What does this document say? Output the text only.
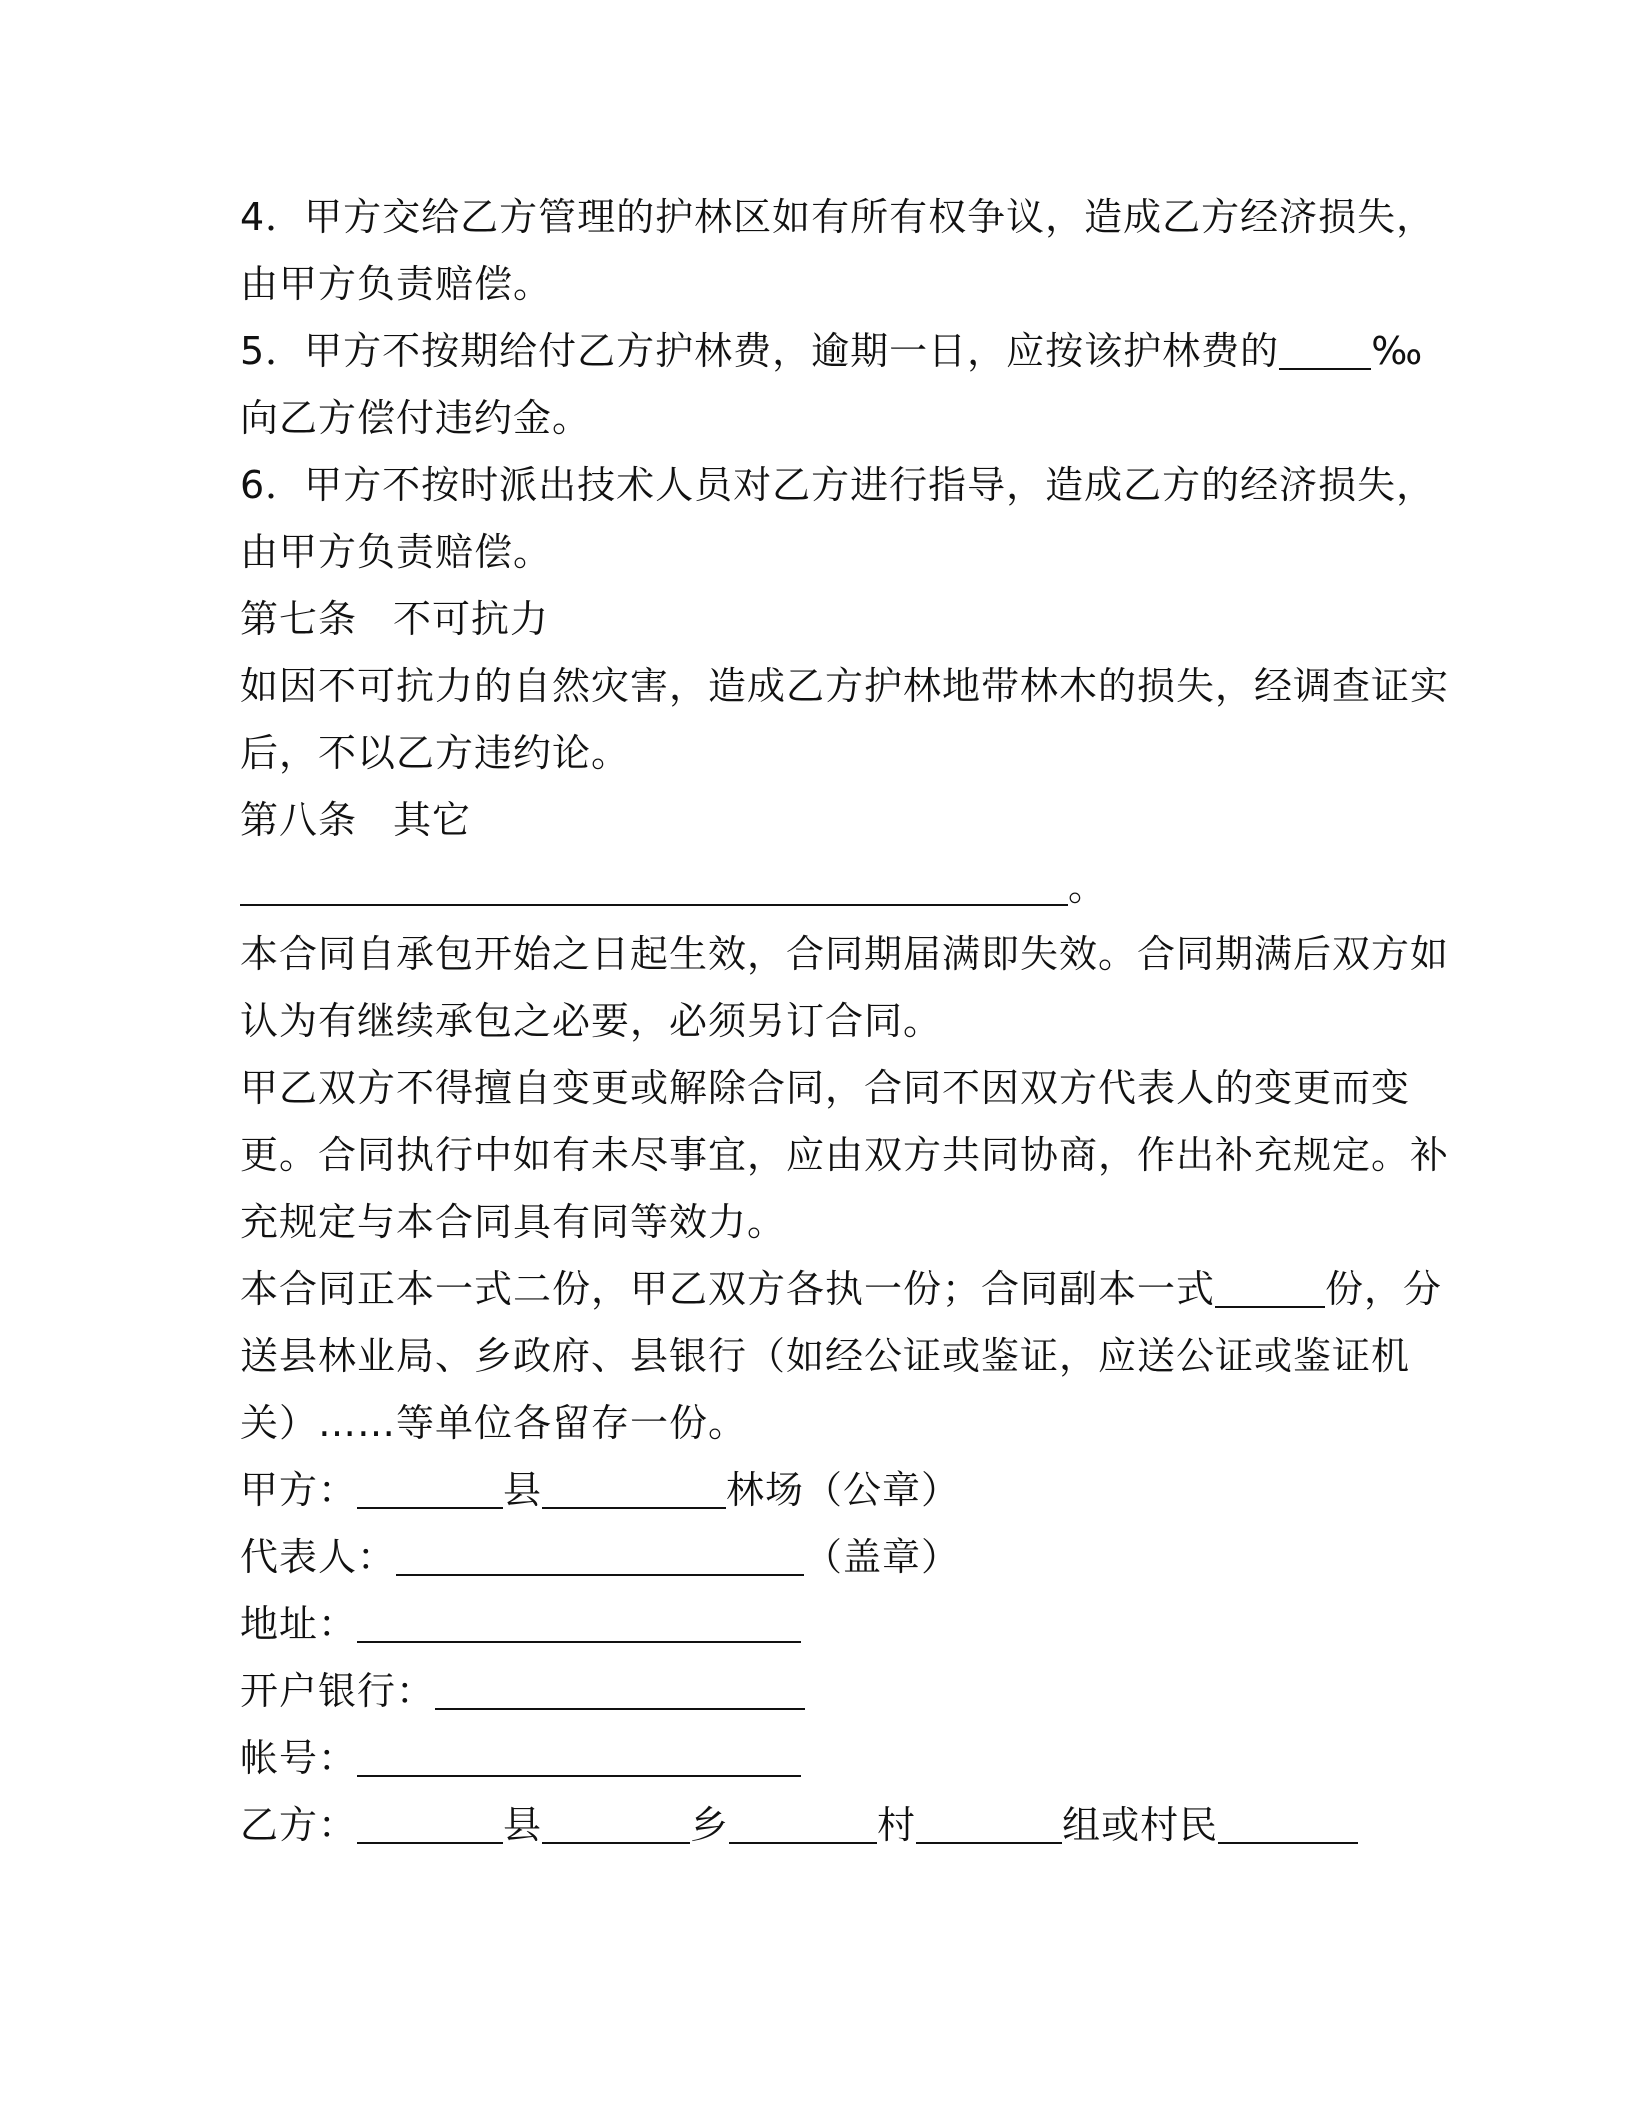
4．甲方交给乙方管理的护林区如有所有权争议，造成乙方经济损失，
由甲方负责赔偿。
5．甲方不按期给付乙方护林费，逾期一日，应按该护林费的 ‰
向乙方偿付违约金。
6．甲方不按时派出技术人员对乙方进行指导，造成乙方的经济损失，
由甲方负责赔偿。
第七条 不可抗力
如因不可抗力的自然灾害，造成乙方护林地带林木的损失，经调查证实
后，不以乙方违约论。
第八条 其它
。
本合同自承包开始之日起生效，合同期届满即失效。合同期满后双方如
认为有继续承包之必要，必须另订合同。
甲乙双方不得擅自变更或解除合同，合同不因双方代表人的变更而变
更。合同执行中如有未尽事宜，应由双方共同协商，作出补充规定。补
充规定与本合同具有同等效力。
本合同正本一式二份，甲乙双方各执一份；合同副本一式	份，分
送县林业局、乡政府、县银行（如经公证或鉴证，应送公证或鉴证机
关）……等单位各留存一份。
甲方：	县	林场（公章）
代表人：	（盖章）
地址：
开户银行：
帐号：
乙方：	县	乡	村	组或村民
